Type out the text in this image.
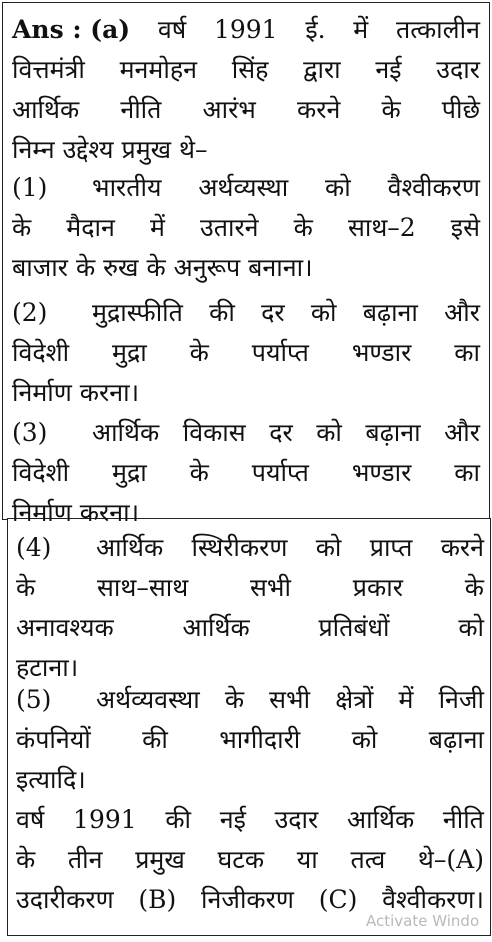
Ans : (a) वर्ष 1991 ई. में तत्कालीन
वित्तमंत्री मनमोहन सिंह द्वारा नई उदार
आर्थिक नीति आरंभ करने के पीछे
निम्न उद्देश्य प्रमुख थे–
(1) भारतीय अर्थव्यस्था को वैश्वीकरण
के मैदान में उतारने के साथ–2 इसे
बाजार के रुख के अनुरूप बनाना।
(2) मुद्रास्फीति की दर को बढ़ाना और
विदेशी मुद्रा के पर्याप्त भण्डार का
निर्माण करना।
(3) आर्थिक विकास दर को बढ़ाना और
विदेशी मुद्रा के पर्याप्त भण्डार का
निर्माण करना।
(4) आर्थिक स्थिरीकरण को प्राप्त करने
के साथ–साथ सभी प्रकार के
अनावश्यक	आर्थिक	प्रतिबंधों	को
हटाना।
(5) अर्थव्यवस्था के सभी क्षेत्रों में निजी
कंपनियों की भागीदारी को बढ़ाना
इत्यादि।
वर्ष 1991 की नई उदार आर्थिक नीति
के तीन प्रमुख घटक या तत्व थे–(A)
उदारीकरण (B) निजीकरण (C) वैश्वीकरण।
Activate Windo
